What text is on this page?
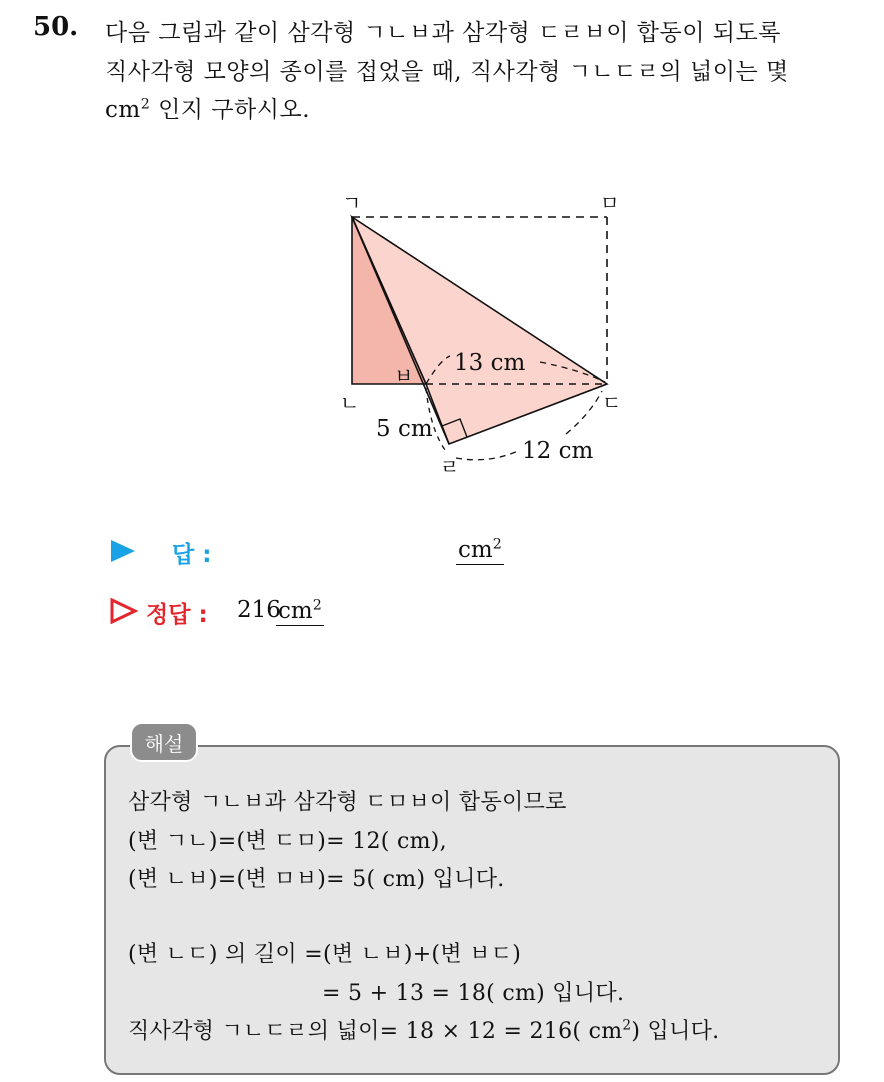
50. 다음 그림과 같이 삼각형 ㄱㄴㅂ과 삼각형 ㄷㄹㅂ이 합동이 되도록
직사각형 모양의 종이를 접었을 때, 직사각형 ㄱㄴㄷㄹ의 넓이는 몇
$cm^2$ 인지 구하시오.
ㄱ	ㅁ
ㄴ
ㅂ
ㄷ
ㄹ
13 cm
5 cm
12 cm
답 :	$cm^2$
정답 : 216
$cm^2$
해설
삼각형 ㄱㄴㅂ과 삼각형 ㄷㅁㅂ이 합동이므로
(변 ㄱㄴ)=(변 ㄷㅁ)= 12( cm),
(변 ㄴㅂ)=(변 ㅁㅂ)= 5( cm) 입니다.
(변 ㄴㄷ) 의 길이 =(변 ㄴㅂ)+(변 ㅂㄷ)
= 5 + 13 = 18( cm) 입니다.
직사각형 ㄱㄴㄷㄹ의 넓이= 18 × 12 = 216( $cm^2$) 입니다.
